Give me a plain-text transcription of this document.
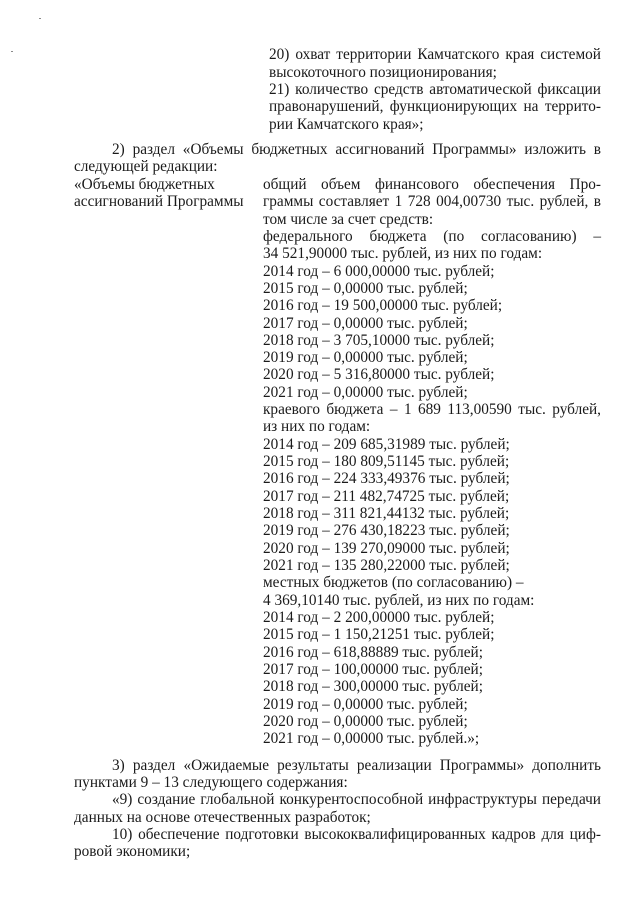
20) охват территории Камчатского края системой
высокоточного позиционирования;
21) количество средств автоматической фиксации
правонарушений, функционирующих на террито-
рии Камчатского края»;
2) раздел «Объемы бюджетных ассигнований Программы» изложить в
следующей редакции:
«Объемы бюджетных
ассигнований Программы
общий объем финансового обеспечения Про-
граммы составляет 1 728 004,00730 тыс. рублей, в
том числе за счет средств:
федерального бюджета (по согласованию) –
34 521,90000 тыс. рублей, из них по годам:
2014 год – 6 000,00000 тыс. рублей;
2015 год – 0,00000 тыс. рублей;
2016 год – 19 500,00000 тыс. рублей;
2017 год – 0,00000 тыс. рублей;
2018 год – 3 705,10000 тыс. рублей;
2019 год – 0,00000 тыс. рублей;
2020 год – 5 316,80000 тыс. рублей;
2021 год – 0,00000 тыс. рублей;
краевого бюджета – 1 689 113,00590 тыс. рублей,
из них по годам:
2014 год – 209 685,31989 тыс. рублей;
2015 год – 180 809,51145 тыс. рублей;
2016 год – 224 333,49376 тыс. рублей;
2017 год – 211 482,74725 тыс. рублей;
2018 год – 311 821,44132 тыс. рублей;
2019 год – 276 430,18223 тыс. рублей;
2020 год – 139 270,09000 тыс. рублей;
2021 год – 135 280,22000 тыс. рублей;
местных бюджетов (по согласованию) –
4 369,10140 тыс. рублей, из них по годам:
2014 год – 2 200,00000 тыс. рублей;
2015 год – 1 150,21251 тыс. рублей;
2016 год – 618,88889 тыс. рублей;
2017 год – 100,00000 тыс. рублей;
2018 год – 300,00000 тыс. рублей;
2019 год – 0,00000 тыс. рублей;
2020 год – 0,00000 тыс. рублей;
2021 год – 0,00000 тыс. рублей.»;
3) раздел «Ожидаемые результаты реализации Программы» дополнить
пунктами 9 – 13 следующего содержания:
«9) создание глобальной конкурентоспособной инфраструктуры передачи
данных на основе отечественных разработок;
10) обеспечение подготовки высококвалифицированных кадров для циф-
ровой экономики;
